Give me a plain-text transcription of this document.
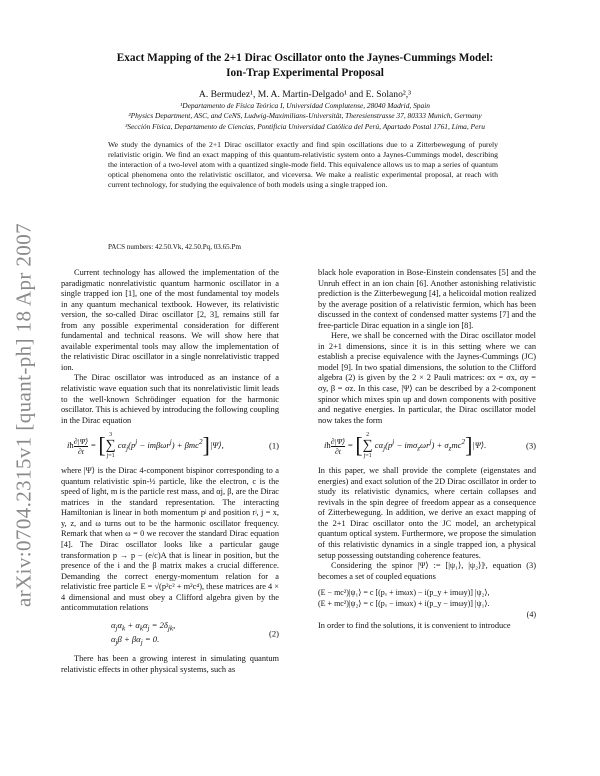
arXiv:0704.2315v1 [quant-ph] 18 Apr 2007
Exact Mapping of the 2+1 Dirac Oscillator onto the Jaynes-Cummings Model:
Ion-Trap Experimental Proposal
A. Bermudez¹, M. A. Martin-Delgado¹ and E. Solano²,³
¹Departamento de Física Teórica I, Universidad Complutense, 28040 Madrid, Spain
²Physics Department, ASC, and CeNS, Ludwig-Maximilians-Universität, Theresienstrasse 37, 80333 Munich, Germany
³Sección Física, Departamento de Ciencias, Pontificia Universidad Católica del Perú, Apartado Postal 1761, Lima, Peru
We study the dynamics of the 2+1 Dirac oscillator exactly and find spin oscillations due to a Zitterbewegung of purely relativistic origin. We find an exact mapping of this quantum-relativistic system onto a Jaynes-Cummings model, describing the interaction of a two-level atom with a quantized single-mode field. This equivalence allows us to map a series of quantum optical phenomena onto the relativistic oscillator, and viceversa. We make a realistic experimental proposal, at reach with current technology, for studying the equivalence of both models using a single trapped ion.
PACS numbers: 42.50.Vk, 42.50.Pq, 03.65.Pm

Current technology has allowed the implementation of the paradigmatic nonrelativistic quantum harmonic oscillator in a single trapped ion [1], one of the most fundamental toy models in any quantum mechanical textbook. However, its relativistic version, the so-called Dirac oscillator [2, 3], remains still far from any possible experimental consideration for different fundamental and technical reasons. We will show here that available experimental tools may allow the implementation of the relativistic Dirac oscillator in a single nonrelativistic trapped ion.

The Dirac oscillator was introduced as an instance of a relativistic wave equation such that its nonrelativistic limit leads to the well-known Schrödinger equation for the harmonic oscillator. This is achieved by introducing the following coupling in the Dirac equation

iħ $\frac{\partial|\Psi⟩}{\partial t}$ = [ 3
∑
j=1 $c\alpha_j(p^j - im\beta\omega r^j)$ + βmc$^2$]|Ψ⟩,	(1)

where |Ψ⟩ is the Dirac 4-component bispinor corresponding to a quantum relativistic spin-½ particle, like the electron, c is the speed of light, m is the particle rest mass, and αj, β, are the Dirac matrices in the standard representation. The interacting Hamiltonian is linear in both momentum pʲ and position rʲ, j = x, y, z, and ω turns out to be the harmonic oscillator frequency. Remark that when ω = 0 we recover the standard Dirac equation [4]. The Dirac oscillator looks like a particular gauge transformation p → p − (e/c)A that is linear in position, but the presence of the i and the β matrix makes a crucial difference. Demanding the correct energy-momentum relation for a relativistic free particle E = √(p²c² + m²c⁴), these matrices are 4 × 4 dimensional and must obey a Clifford algebra given by the anticommutation relations

$\alpha_j\alpha_k + \alpha_k\alpha_j = 2\delta_{jk}$,
$\alpha_j\beta + \beta\alpha_j = 0$.
(2)

There has been a growing interest in simulating quantum relativistic effects in other physical systems, such as

black hole evaporation in Bose-Einstein condensates [5] and the Unruh effect in an ion chain [6]. Another astonishing relativistic prediction is the Zitterbewegung [4], a helicoidal motion realized by the average position of a relativistic fermion, which has been discussed in the context of condensed matter systems [7] and the free-particle Dirac equation in a single ion [8].

Here, we shall be concerned with the Dirac oscillator model in 2+1 dimensions, since it is in this setting where we can establish a precise equivalence with the Jaynes-Cummings (JC) model [9]. In two spatial dimensions, the solution to the Clifford algebra (2) is given by the 2 × 2 Pauli matrices: αx = σx, αy = σy, β = σz. In this case, |Ψ⟩ can be described by a 2-component spinor which mixes spin up and down components with positive and negative energies. In particular, the Dirac oscillator model now takes the form

iħ $\frac{\partial|\Psi⟩}{\partial t}$ = [ 2
∑
j=1 $c\alpha_j(p^j - im\sigma_z\omega r^j)$ + $\sigma_zmc^2]|\Psi⟩$.	(3)

In this paper, we shall provide the complete (eigenstates and energies) and exact solution of the 2D Dirac oscillator in order to study its relativistic dynamics, where certain collapses and revivals in the spin degree of freedom appear as a consequence of Zitterbewegung. In addition, we derive an exact mapping of the 2+1 Dirac oscillator onto the JC model, an archetypical quantum optical system. Furthermore, we propose the simulation of this relativistic dynamics in a single trapped ion, a physical setup possessing outstanding coherence features.

Considering the spinor |Ψ⟩ := [|ψ₁⟩, |ψ₂⟩]ᵗ, equation (3) becomes a set of coupled equations

(E − mc²)|ψ₁⟩ = c [(pₓ + imωx) − i(p_y + imωy)] |ψ₂⟩,
(E + mc²)|ψ₂⟩ = c [(pₓ − imωx) + i(p_y − imωy)] |ψ₁⟩.
(4)

In order to find the solutions, it is convenient to introduce
